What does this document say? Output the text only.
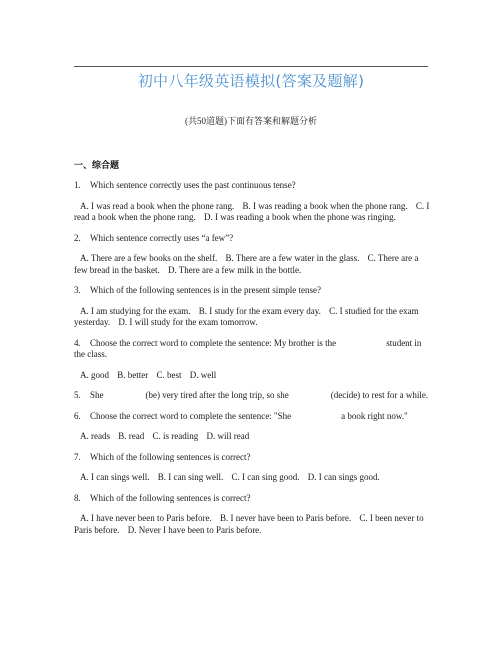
初中八年级英语模拟(答案及题解)
(共50道题)下面有答案和解题分析
一、综合题
1. Which sentence correctly uses the past continuous tense?
A. I was read a book when the phone rang. B. I was reading a book when the phone rang. C. I read a book when the phone rang. D. I was reading a book when the phone was ringing.
2. Which sentence correctly uses “a few”?
A. There are a few books on the shelf. B. There are a few water in the glass. C. There are a few bread in the basket. D. There are a few milk in the bottle.
3. Which of the following sentences is in the present simple tense?
A. I am studying for the exam. B. I study for the exam every day. C. I studied for the exam yesterday. D. I will study for the exam tomorrow.
4. Choose the correct word to complete the sentence: My brother is the	student in the class.
A. good B. better C. best D. well
5. She	(be) very tired after the long trip, so she	(decide) to rest for a while.
6. Choose the correct word to complete the sentence: "She	a book right now."
A. reads B. read C. is reading D. will read
7. Which of the following sentences is correct?
A. I can sings well. B. I can sing well. C. I can sing good. D. I can sings good.
8. Which of the following sentences is correct?
A. I have never been to Paris before. B. I never have been to Paris before. C. I been never to Paris before. D. Never I have been to Paris before.
